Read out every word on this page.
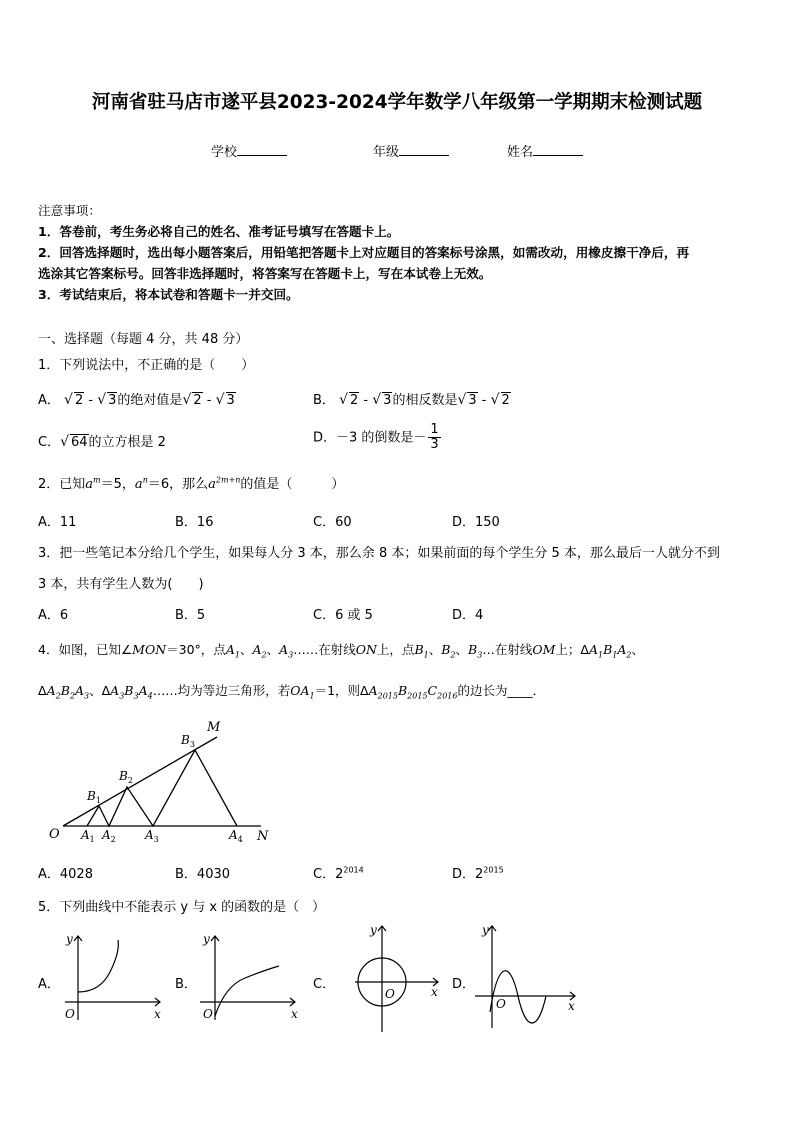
河南省驻马店市遂平县2023-2024学年数学八年级第一学期期末检测试题
学校	年级	姓名
注意事项：
1．答卷前，考生务必将自己的姓名、准考证号填写在答题卡上。
2．回答选择题时，选出每小题答案后，用铅笔把答题卡上对应题目的答案标号涂黑，如需改动，用橡皮擦干净后，再
选涂其它答案标号。回答非选择题时，将答案写在答题卡上，写在本试卷上无效。
3．考试结束后，将本试卷和答题卡一并交回。
一、选择题（每题 4 分，共 48 分）
1．下列说法中，不正确的是（　　）
A． √ 2 - √ 3的绝对值是√ 2 - √ 3	B． √ 2 - √ 3的相反数是√ 3 - √ 2
C．√ 64的立方根是 2	D．－3 的倒数是－ $\frac{1}{3}$
2．已知$a^m=5$，$a^n=6$，那么$a^{2m+n}$的值是（　　　）
A．11	B．16	C．60	D．150
3．把一些笔记本分给几个学生，如果每人分 3 本，那么余 8 本；如果前面的每个学生分 5 本，那么最后一人就分不到
3 本，共有学生人数为(　　)
A．6	B．5	C．6 或 5	D．4
4．如图，已知∠MON＝30°，点$A_1$、$A_2$、$A_3\dots\dots$在射线ON上，点$B_1$、$B_2$、$B_3\dots$在射线OM上；$\Delta A_1B_1A_2$、
$\Delta A_2B_2A_3$、$\Delta A_3B_3A_4\dots\dots$均为等边三角形，若$OA_1=1$，则$\Delta A_{2015}B_{2015}C_{2016}$的边长为____．
O	N
M
$A_1$ $A_2$ $A_3$	$A_4$
$B_1$
$B_2$
$B_3$
A．4028	B．4030	C．$2^{2014}$	D．$2^{2015}$
5．下列曲线中不能表示 y 与 x 的函数的是（　）
A．
O	x
y
B．
O	x
y
C．
O	x
y
D．
O	x
y
